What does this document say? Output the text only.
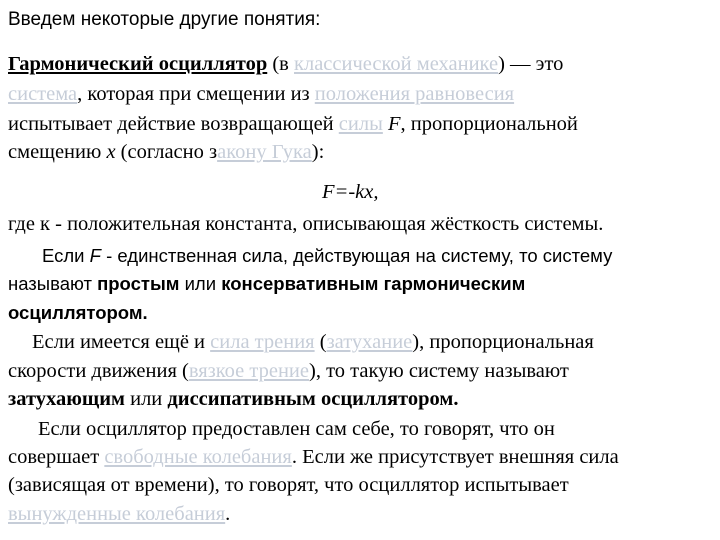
Введем некоторые другие понятия:
Гармонический осциллятор (в классической механике) — это
система, которая при смещении из положения равновесия
испытывает действие возвращающей силы F, пропорциональной
смещению x (согласно закону Гука):
F=-kx,
где к - положительная константа, описывающая жёсткость системы.
Если F - единственная сила, действующая на систему, то систему
называют простым или консервативным гармоническим
осциллятором.
Если имеется ещё и сила трения (затухание), пропорциональная
скорости движения (вязкое трение), то такую систему называют
затухающим или диссипативным осциллятором.
Если осциллятор предоставлен сам себе, то говорят, что он
совершает свободные колебания. Если же присутствует внешняя сила
(зависящая от времени), то говорят, что осциллятор испытывает
вынужденные колебания.
